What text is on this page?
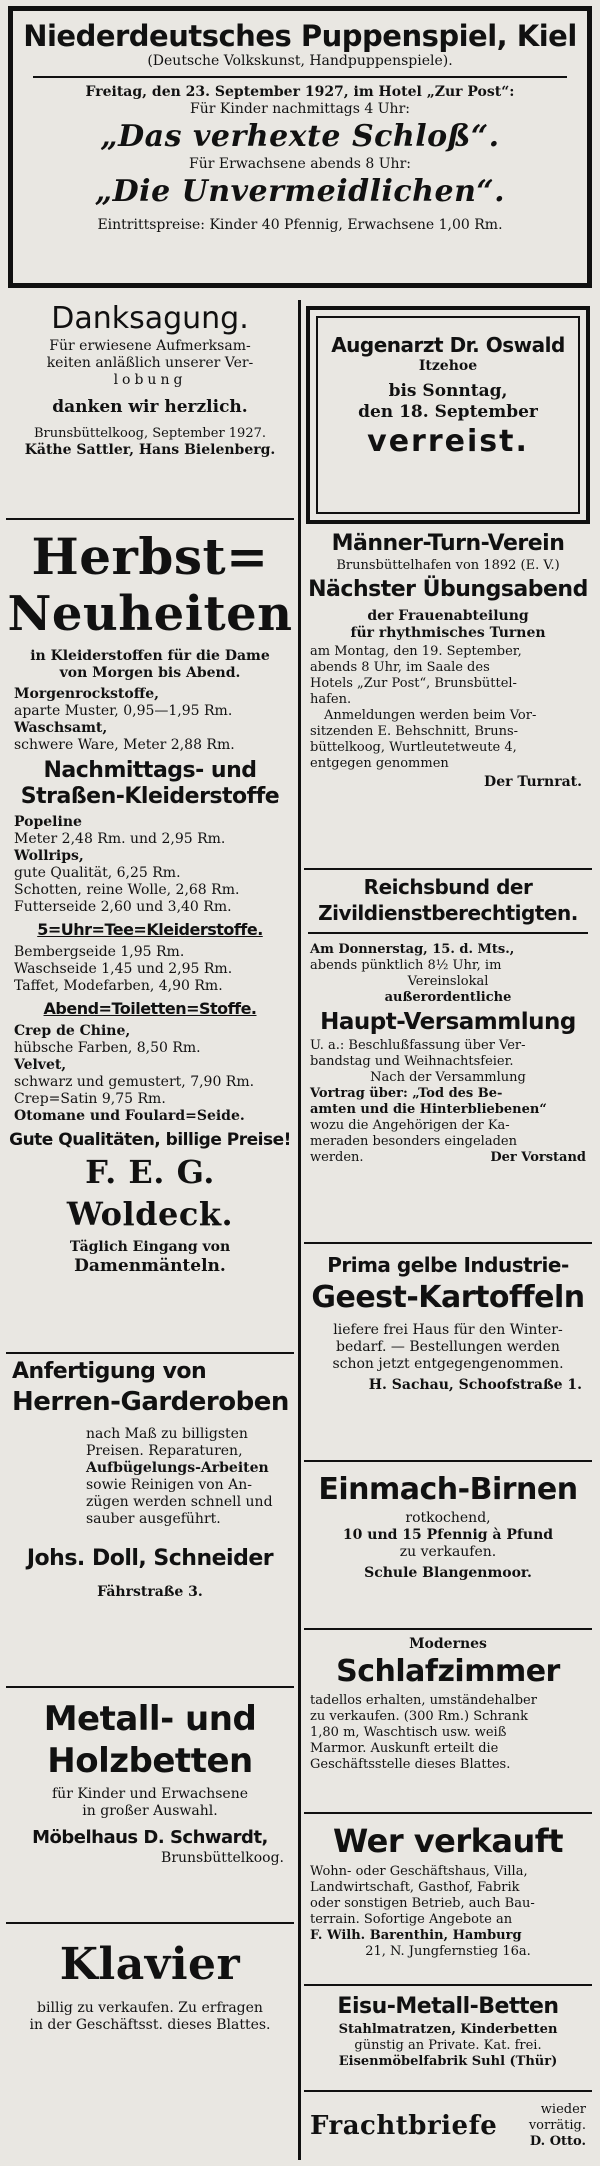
Niederdeutsches Puppenspiel, Kiel
(Deutsche Volkskunst, Handpuppenspiele).
Freitag, den 23. September 1927, im Hotel „Zur Post“:
Für Kinder nachmittags 4 Uhr:
„Das verhexte Schloß“.
Für Erwachsene abends 8 Uhr:
„Die Unvermeidlichen“.
Eintrittspreise: Kinder 40 Pfennig, Erwachsene 1,00 Rm.
Danksagung.
Für erwiesene Aufmerksam-
keiten anläßlich unserer Ver-
lobung
danken wir herzlich.
Brunsbüttelkoog, September 1927.
Käthe Sattler, Hans Bielenberg.
Herbst=
Neuheiten
in Kleiderstoffen für die Dame
von Morgen bis Abend.
Morgenrockstoffe,
aparte Muster, 0,95—1,95 Rm.
Waschsamt,
schwere Ware, Meter 2,88 Rm.
Nachmittags- und
Straßen-Kleiderstoffe
Popeline
Meter 2,48 Rm. und 2,95 Rm.
Wollrips,
gute Qualität, 6,25 Rm.
Schotten, reine Wolle, 2,68 Rm.
Futterseide 2,60 und 3,40 Rm.
5=Uhr=Tee=Kleiderstoffe.
Bembergseide 1,95 Rm.
Waschseide 1,45 und 2,95 Rm.
Taffet, Modefarben, 4,90 Rm.
Abend=Toiletten=Stoffe.
Crep de Chine,
hübsche Farben, 8,50 Rm.
Velvet,
schwarz und gemustert, 7,90 Rm.
Crep=Satin 9,75 Rm.
Otomane und Foulard=Seide.
Gute Qualitäten, billige Preise!
F. E. G. Woldeck.
Täglich Eingang von
Damenmänteln.
Anfertigung von
Herren-Garderoben
nach Maß zu billigsten
Preisen. Reparaturen,
Aufbügelungs-Arbeiten
sowie Reinigen von An-
zügen werden schnell und
sauber ausgeführt.
Johs. Doll, Schneider
Fährstraße 3.
Metall- und
Holzbetten
für Kinder und Erwachsene
in großer Auswahl.
Möbelhaus D. Schwardt,
Brunsbüttelkoog.
Klavier
billig zu verkaufen. Zu erfragen
in der Geschäftsst. dieses Blattes.
Augenarzt Dr. Oswald
Itzehoe
bis Sonntag,
den 18. September
verreist.
Männer-Turn-Verein
Brunsbüttelhafen von 1892 (E. V.)
Nächster Übungsabend
der Frauenabteilung
für rhythmisches Turnen
am Montag, den 19. September,
abends 8 Uhr, im Saale des
Hotels „Zur Post“, Brunsbüttel-
hafen.
Anmeldungen werden beim Vor-
sitzenden E. Behschnitt, Bruns-
büttelkoog, Wurtleutetweute 4,
entgegen genommen
Der Turnrat.
Reichsbund der
Zivildienstberechtigten.
Am Donnerstag, 15. d. Mts.,
abends pünktlich 8½ Uhr, im
Vereinslokal
außerordentliche
Haupt-Versammlung
U. a.: Beschlußfassung über Ver-
bandstag und Weihnachtsfeier.
Nach der Versammlung
Vortrag über: „Tod des Be-
amten und die Hinterbliebenen“
wozu die Angehörigen der Ka-
meraden besonders eingeladen
werden.	Der Vorstand
Prima gelbe Industrie-
Geest-Kartoffeln
liefere frei Haus für den Winter-
bedarf. — Bestellungen werden
schon jetzt entgegengenommen.
H. Sachau, Schoofstraße 1.
Einmach-Birnen
rotkochend,
10 und 15 Pfennig à Pfund
zu verkaufen.
Schule Blangenmoor.
Modernes
Schlafzimmer
tadellos erhalten, umständehalber
zu verkaufen. (300 Rm.) Schrank
1,80 m, Waschtisch usw. weiß
Marmor. Auskunft erteilt die
Geschäftsstelle dieses Blattes.
Wer verkauft
Wohn- oder Geschäftshaus, Villa,
Landwirtschaft, Gasthof, Fabrik
oder sonstigen Betrieb, auch Bau-
terrain. Sofortige Angebote an
F. Wilh. Barenthin, Hamburg
21, N. Jungfernstieg 16a.
Eisu-Metall-Betten
Stahlmatratzen, Kinderbetten
günstig an Private. Kat. frei.
Eisenmöbelfabrik Suhl (Thür)
Frachtbriefe
wieder vorrätig.
D. Otto.
